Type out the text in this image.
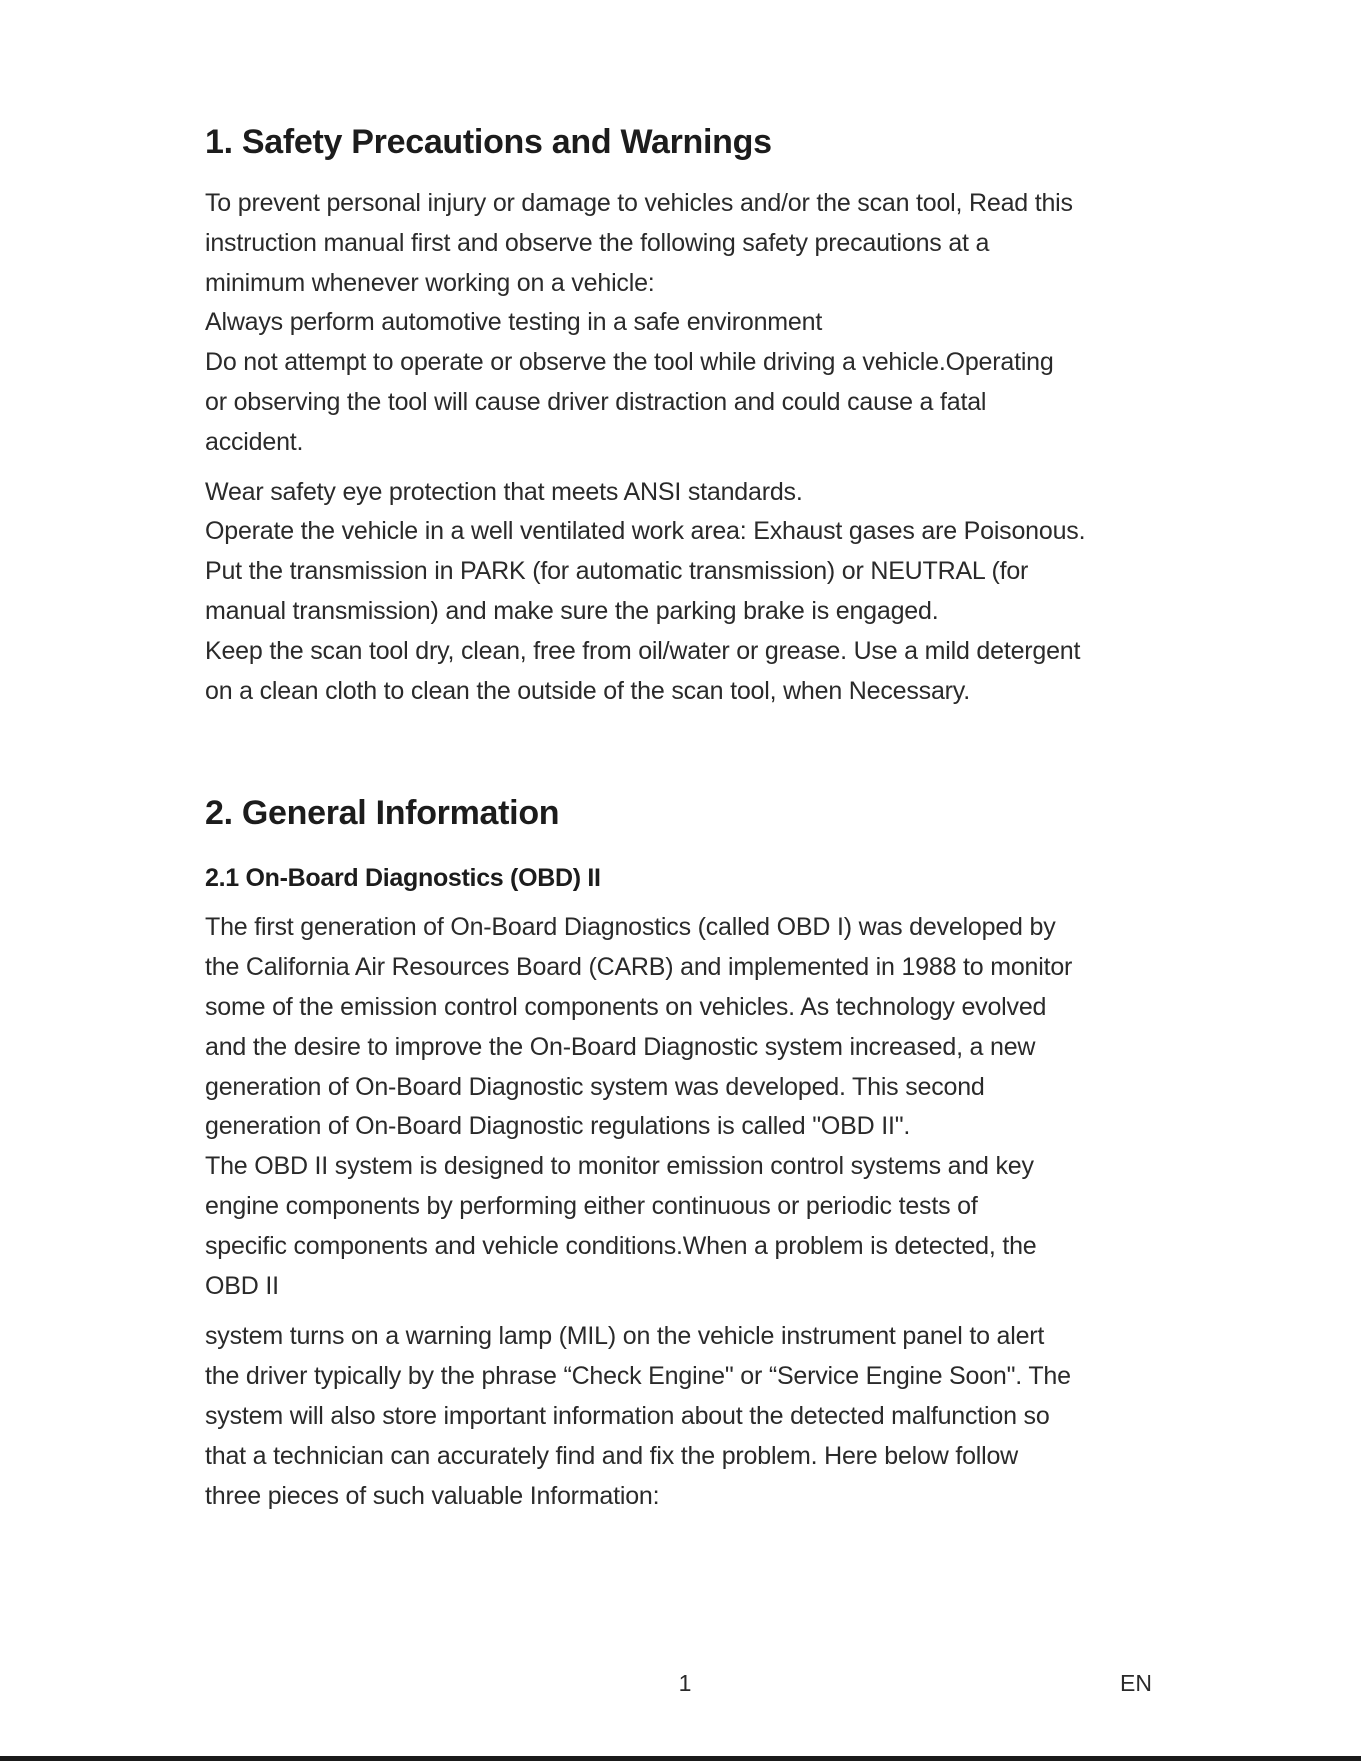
1. Safety Precautions and Warnings
To prevent personal injury or damage to vehicles and/or the scan tool, Read this
instruction manual first and observe the following safety precautions at a
minimum whenever working on a vehicle:
Always perform automotive testing in a safe environment
Do not attempt to operate or observe the tool while driving a vehicle.Operating
or observing the tool will cause driver distraction and could cause a fatal
accident.
Wear safety eye protection that meets ANSI standards.
Operate the vehicle in a well ventilated work area: Exhaust gases are Poisonous.
Put the transmission in PARK (for automatic transmission) or NEUTRAL (for
manual transmission) and make sure the parking brake is engaged.
Keep the scan tool dry, clean, free from oil/water or grease. Use a mild detergent
on a clean cloth to clean the outside of the scan tool, when Necessary.
2. General Information
2.1 On-Board Diagnostics (OBD) II
The first generation of On-Board Diagnostics (called OBD I) was developed by
the California Air Resources Board (CARB) and implemented in 1988 to monitor
some of the emission control components on vehicles. As technology evolved
and the desire to improve the On-Board Diagnostic system increased, a new
generation of On-Board Diagnostic system was developed. This second
generation of On-Board Diagnostic regulations is called "OBD II".
The OBD II system is designed to monitor emission control systems and key
engine components by performing either continuous or periodic tests of
specific components and vehicle conditions.When a problem is detected, the
OBD II
system turns on a warning lamp (MIL) on the vehicle instrument panel to alert
the driver typically by the phrase “Check Engine" or “Service Engine Soon". The
system will also store important information about the detected malfunction so
that a technician can accurately find and fix the problem. Here below follow
three pieces of such valuable Information:
1	EN
